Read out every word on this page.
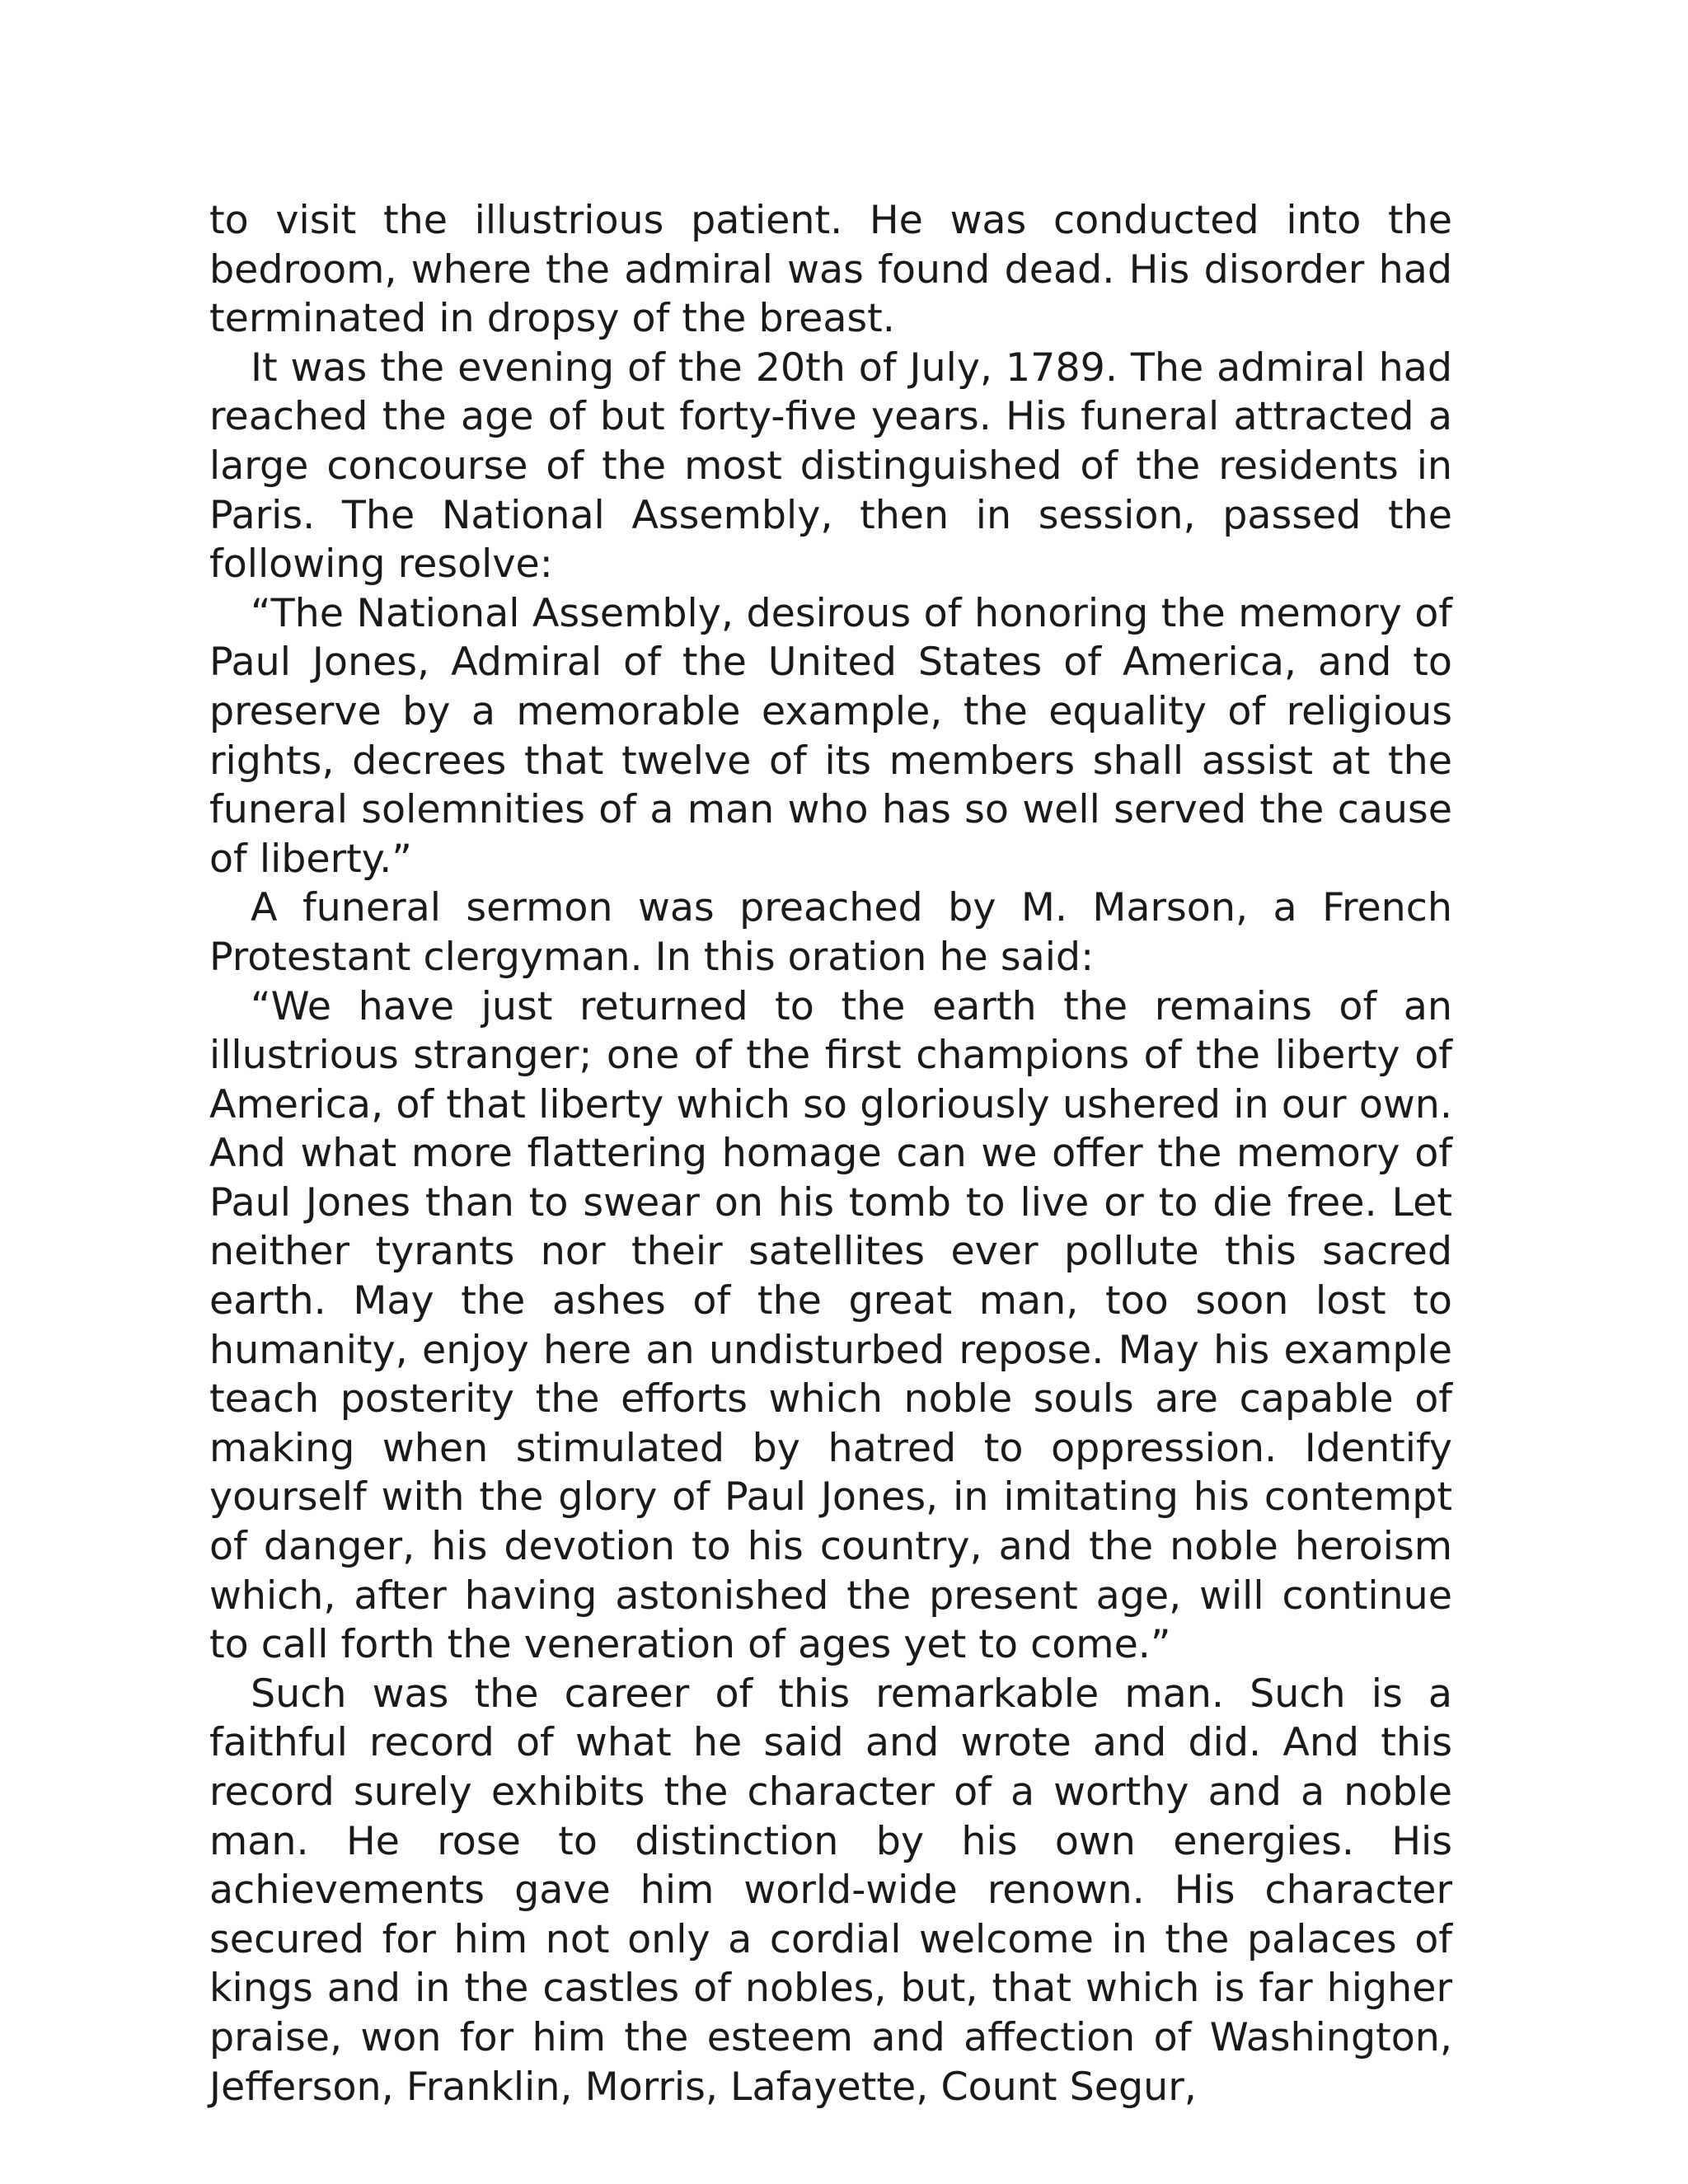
to visit the illustrious patient. He was conducted into the bedroom, where the admiral was found dead. His disorder had terminated in dropsy of the breast.

It was the evening of the 20th of July, 1789. The admiral had reached the age of but forty-five years. His funeral attracted a large concourse of the most distinguished of the residents in Paris. The National Assembly, then in session, passed the following resolve:

“The National Assembly, desirous of honoring the memory of Paul Jones, Admiral of the United States of America, and to preserve by a memorable example, the equality of religious rights, decrees that twelve of its members shall assist at the funeral solemnities of a man who has so well served the cause of liberty.”

A funeral sermon was preached by M. Marson, a French Protestant clergyman. In this oration he said:

“We have just returned to the earth the remains of an illustrious stranger; one of the first champions of the liberty of America, of that liberty which so gloriously ushered in our own. And what more flattering homage can we offer the memory of Paul Jones than to swear on his tomb to live or to die free. Let neither tyrants nor their satellites ever pollute this sacred earth. May the ashes of the great man, too soon lost to humanity, enjoy here an undisturbed repose. May his example teach posterity the efforts which noble souls are capable of making when stimulated by hatred to oppression. Identify yourself with the glory of Paul Jones, in imitating his contempt of danger, his devotion to his country, and the noble heroism which, after having astonished the present age, will continue to call forth the veneration of ages yet to come.”

Such was the career of this remarkable man. Such is a faithful record of what he said and wrote and did. And this record surely exhibits the character of a worthy and a noble man. He rose to distinction by his own energies. His achievements gave him world-wide renown. His character secured for him not only a cordial welcome in the palaces of kings and in the castles of nobles, but, that which is far higher praise, won for him the esteem and affection of Washington, Jefferson, Franklin, Morris, Lafayette, Count Segur,
